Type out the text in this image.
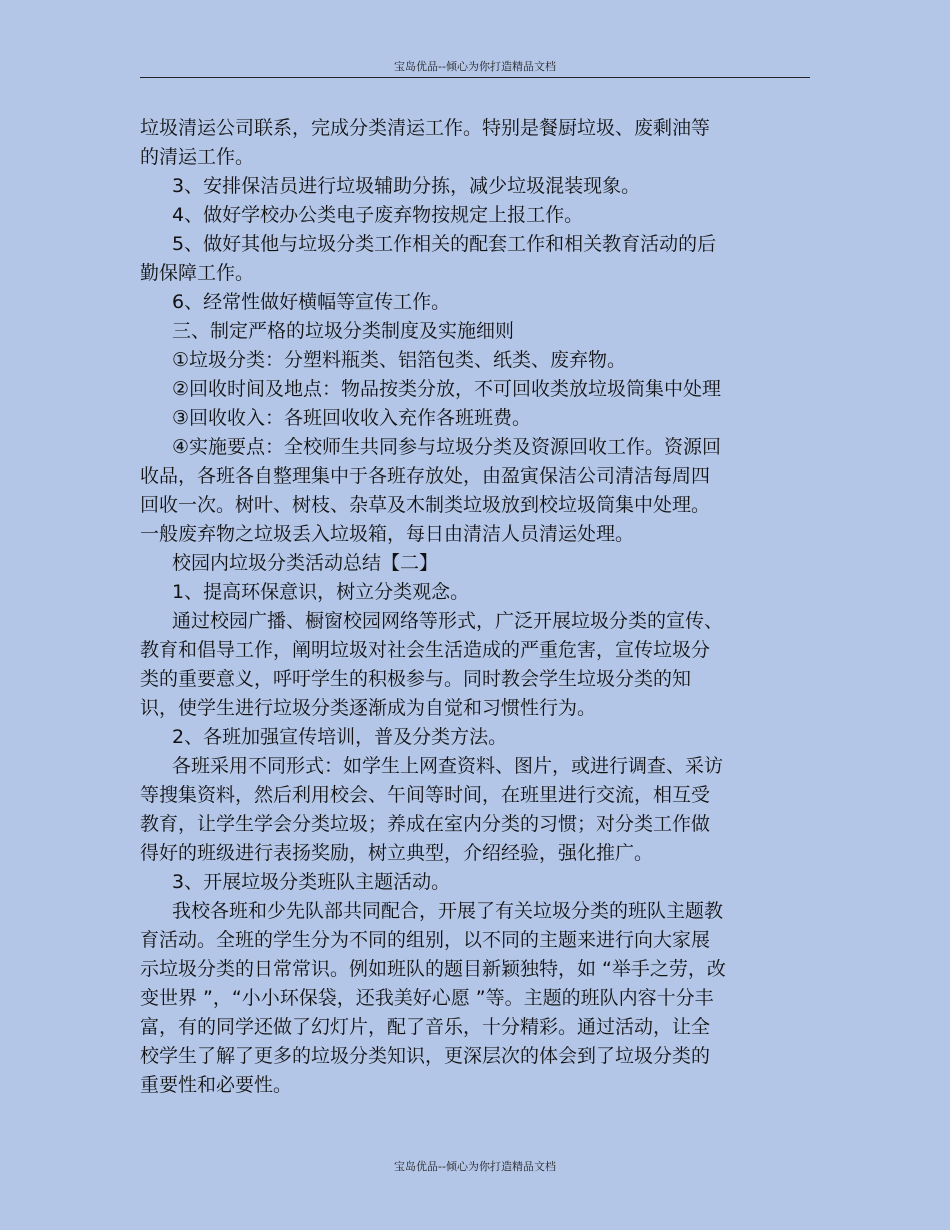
宝岛优品--倾心为你打造精品文档
垃圾清运公司联系，完成分类清运工作。特别是餐厨垃圾、废剩油等
的清运工作。
3、安排保洁员进行垃圾辅助分拣，减少垃圾混装现象。
4、做好学校办公类电子废弃物按规定上报工作。
5、做好其他与垃圾分类工作相关的配套工作和相关教育活动的后
勤保障工作。
6、经常性做好横幅等宣传工作。
三、制定严格的垃圾分类制度及实施细则
①垃圾分类：分塑料瓶类、铝箔包类、纸类、废弃物。
②回收时间及地点：物品按类分放，不可回收类放垃圾筒集中处理
③回收收入：各班回收收入充作各班班费。
④实施要点：全校师生共同参与垃圾分类及资源回收工作。资源回
收品，各班各自整理集中于各班存放处，由盈寅保洁公司清洁每周四
回收一次。树叶、树枝、杂草及木制类垃圾放到校垃圾筒集中处理。
一般废弃物之垃圾丢入垃圾箱，每日由清洁人员清运处理。
校园内垃圾分类活动总结【二】
1、提高环保意识，树立分类观念。
通过校园广播、橱窗校园网络等形式，广泛开展垃圾分类的宣传、
教育和倡导工作，阐明垃圾对社会生活造成的严重危害，宣传垃圾分
类的重要意义，呼吁学生的积极参与。同时教会学生垃圾分类的知
识，使学生进行垃圾分类逐渐成为自觉和习惯性行为。
2、各班加强宣传培训，普及分类方法。
各班采用不同形式：如学生上网查资料、图片，或进行调查、采访
等搜集资料，然后利用校会、午间等时间，在班里进行交流，相互受
教育，让学生学会分类垃圾；养成在室内分类的习惯；对分类工作做
得好的班级进行表扬奖励，树立典型，介绍经验，强化推广。
3、开展垃圾分类班队主题活动。
我校各班和少先队部共同配合，开展了有关垃圾分类的班队主题教
育活动。全班的学生分为不同的组别，以不同的主题来进行向大家展
示垃圾分类的日常常识。例如班队的题目新颖独特，如 “举手之劳，改
变世界 ”，“小小环保袋，还我美好心愿 ”等。主题的班队内容十分丰
富，有的同学还做了幻灯片，配了音乐，十分精彩。通过活动，让全
校学生了解了更多的垃圾分类知识，更深层次的体会到了垃圾分类的
重要性和必要性。
宝岛优品--倾心为你打造精品文档
